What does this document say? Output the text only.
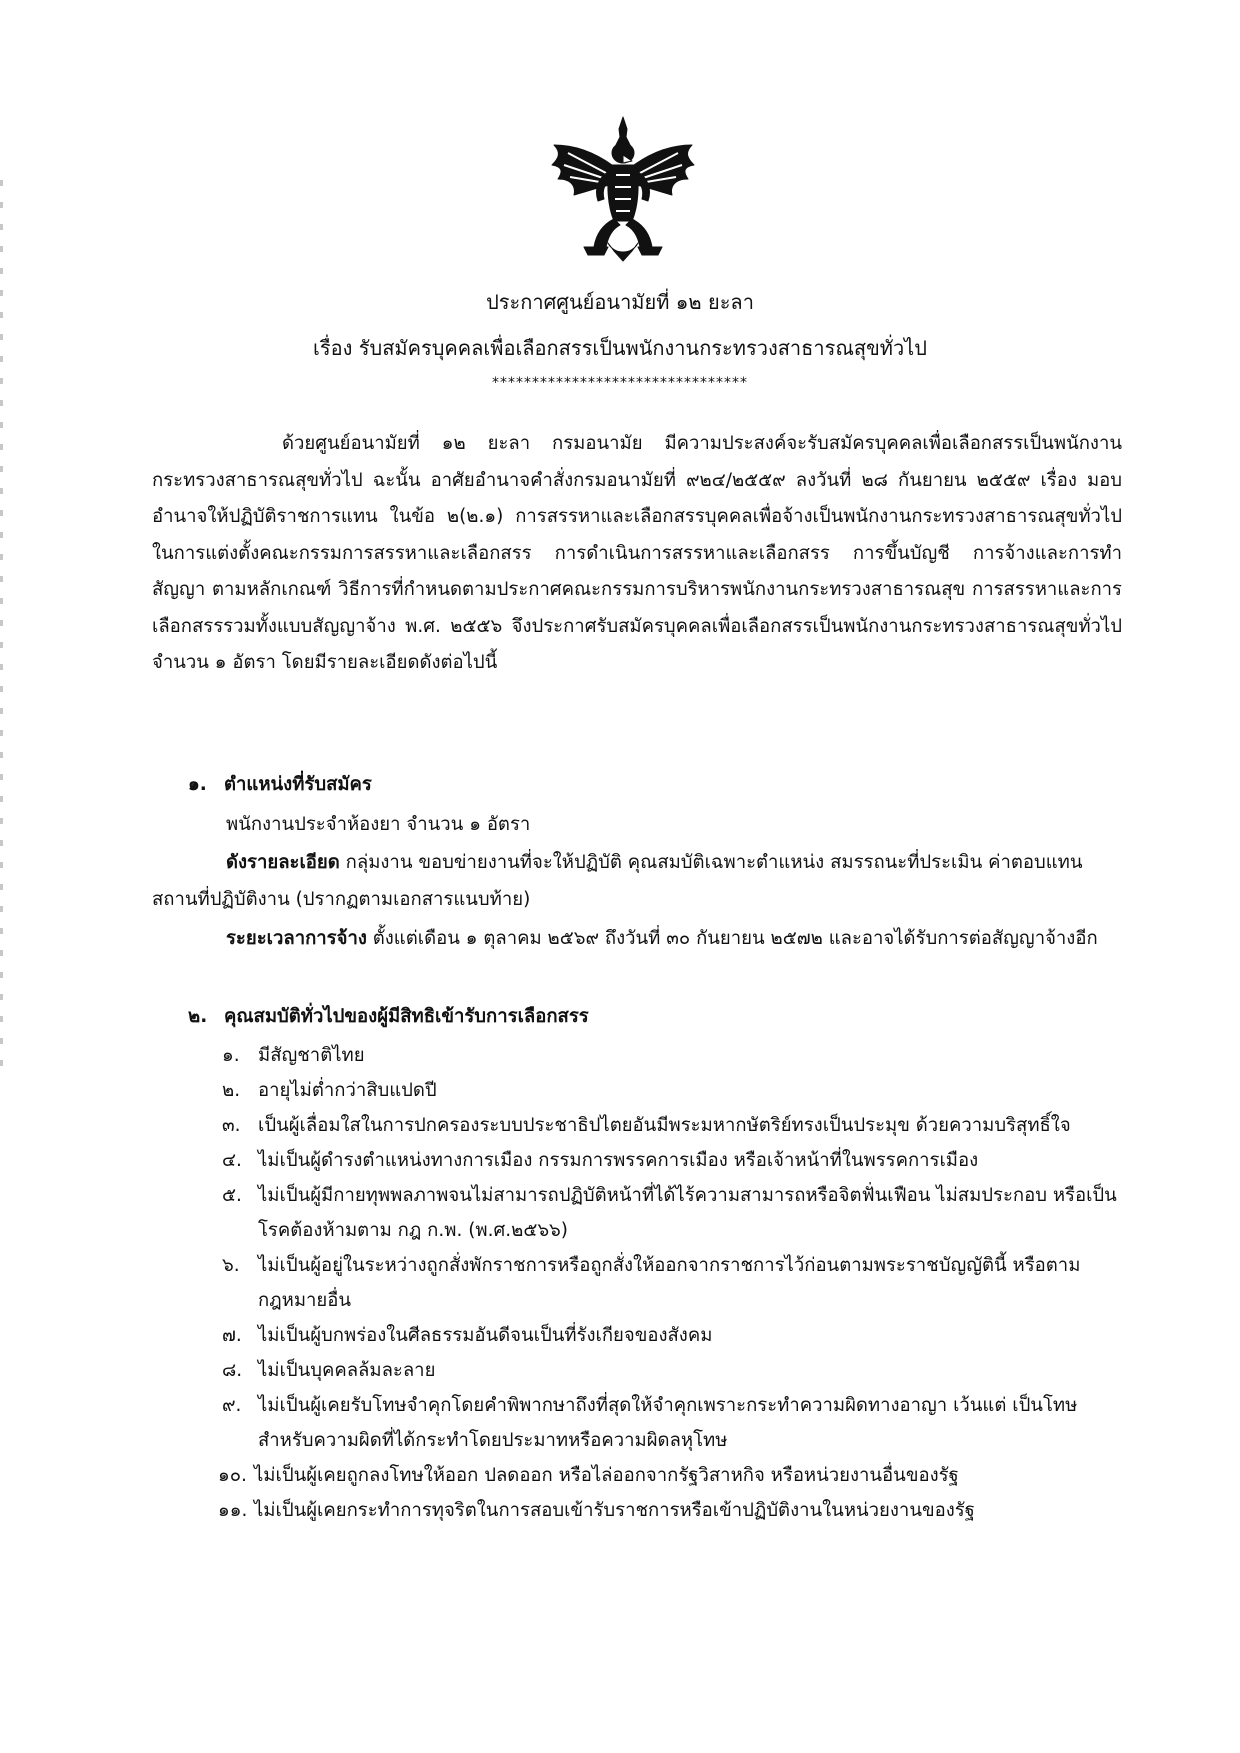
ประกาศศูนย์อนามัยที่ ๑๒ ยะลา
เรื่อง รับสมัครบุคคลเพื่อเลือกสรรเป็นพนักงานกระทรวงสาธารณสุขทั่วไป
********************************

ด้วยศูนย์อนามัยที่ ๑๒ ยะลา กรมอนามัย มีความประสงค์จะรับสมัครบุคคลเพื่อเลือกสรรเป็นพนักงานกระทรวงสาธารณสุขทั่วไป ฉะนั้น อาศัยอำนาจคำสั่งกรมอนามัยที่ ๙๒๔/๒๕๕๙ ลงวันที่ ๒๘ กันยายน ๒๕๕๙ เรื่อง มอบอำนาจให้ปฏิบัติราชการแทน ในข้อ ๒(๒.๑) การสรรหาและเลือกสรรบุคคลเพื่อจ้างเป็นพนักงานกระทรวงสาธารณสุขทั่วไป ในการแต่งตั้งคณะกรรมการสรรหาและเลือกสรร การดำเนินการสรรหาและเลือกสรร การขึ้นบัญชี การจ้างและการทำสัญญา ตามหลักเกณฑ์ วิธีการที่กำหนดตามประกาศคณะกรรมการบริหารพนักงานกระทรวงสาธารณสุข การสรรหาและการเลือกสรรรวมทั้งแบบสัญญาจ้าง พ.ศ. ๒๕๕๖ จึงประกาศรับสมัครบุคคลเพื่อเลือกสรรเป็นพนักงานกระทรวงสาธารณสุขทั่วไป จำนวน ๑ อัตรา โดยมีรายละเอียดดังต่อไปนี้

๑. ตำแหน่งที่รับสมัคร

พนักงานประจำห้องยา จำนวน ๑ อัตรา

ดังรายละเอียด กลุ่มงาน ขอบข่ายงานที่จะให้ปฏิบัติ คุณสมบัติเฉพาะตำแหน่ง สมรรถนะที่ประเมิน ค่าตอบแทน สถานที่ปฏิบัติงาน (ปรากฏตามเอกสารแนบท้าย)

ระยะเวลาการจ้าง ตั้งแต่เดือน ๑ ตุลาคม ๒๕๖๙ ถึงวันที่ ๓๐ กันยายน ๒๕๗๒ และอาจได้รับการต่อสัญญาจ้างอีก

๒. คุณสมบัติทั่วไปของผู้มีสิทธิเข้ารับการเลือกสรร
๑. มีสัญชาติไทย
๒. อายุไม่ต่ำกว่าสิบแปดปี
๓. เป็นผู้เลื่อมใสในการปกครองระบบประชาธิปไตยอันมีพระมหากษัตริย์ทรงเป็นประมุข ด้วยความบริสุทธิ์ใจ
๔. ไม่เป็นผู้ดำรงตำแหน่งทางการเมือง กรรมการพรรคการเมือง หรือเจ้าหน้าที่ในพรรคการเมือง
๕. ไม่เป็นผู้มีกายทุพพลภาพจนไม่สามารถปฏิบัติหน้าที่ได้ไร้ความสามารถหรือจิตฟั่นเฟือน ไม่สมประกอบ หรือเป็นโรคต้องห้ามตาม กฎ ก.พ. (พ.ศ.๒๕๖๖)
๖. ไม่เป็นผู้อยู่ในระหว่างถูกสั่งพักราชการหรือถูกสั่งให้ออกจากราชการไว้ก่อนตามพระราชบัญญัตินี้ หรือตามกฎหมายอื่น
๗. ไม่เป็นผู้บกพร่องในศีลธรรมอันดีจนเป็นที่รังเกียจของสังคม
๘. ไม่เป็นบุคคลล้มละลาย
๙. ไม่เป็นผู้เคยรับโทษจำคุกโดยคำพิพากษาถึงที่สุดให้จำคุกเพราะกระทำความผิดทางอาญา เว้นแต่ เป็นโทษสำหรับความผิดที่ได้กระทำโดยประมาทหรือความผิดลหุโทษ
๑๐. ไม่เป็นผู้เคยถูกลงโทษให้ออก ปลดออก หรือไล่ออกจากรัฐวิสาหกิจ หรือหน่วยงานอื่นของรัฐ
๑๑. ไม่เป็นผู้เคยกระทำการทุจริตในการสอบเข้ารับราชการหรือเข้าปฏิบัติงานในหน่วยงานของรัฐ
